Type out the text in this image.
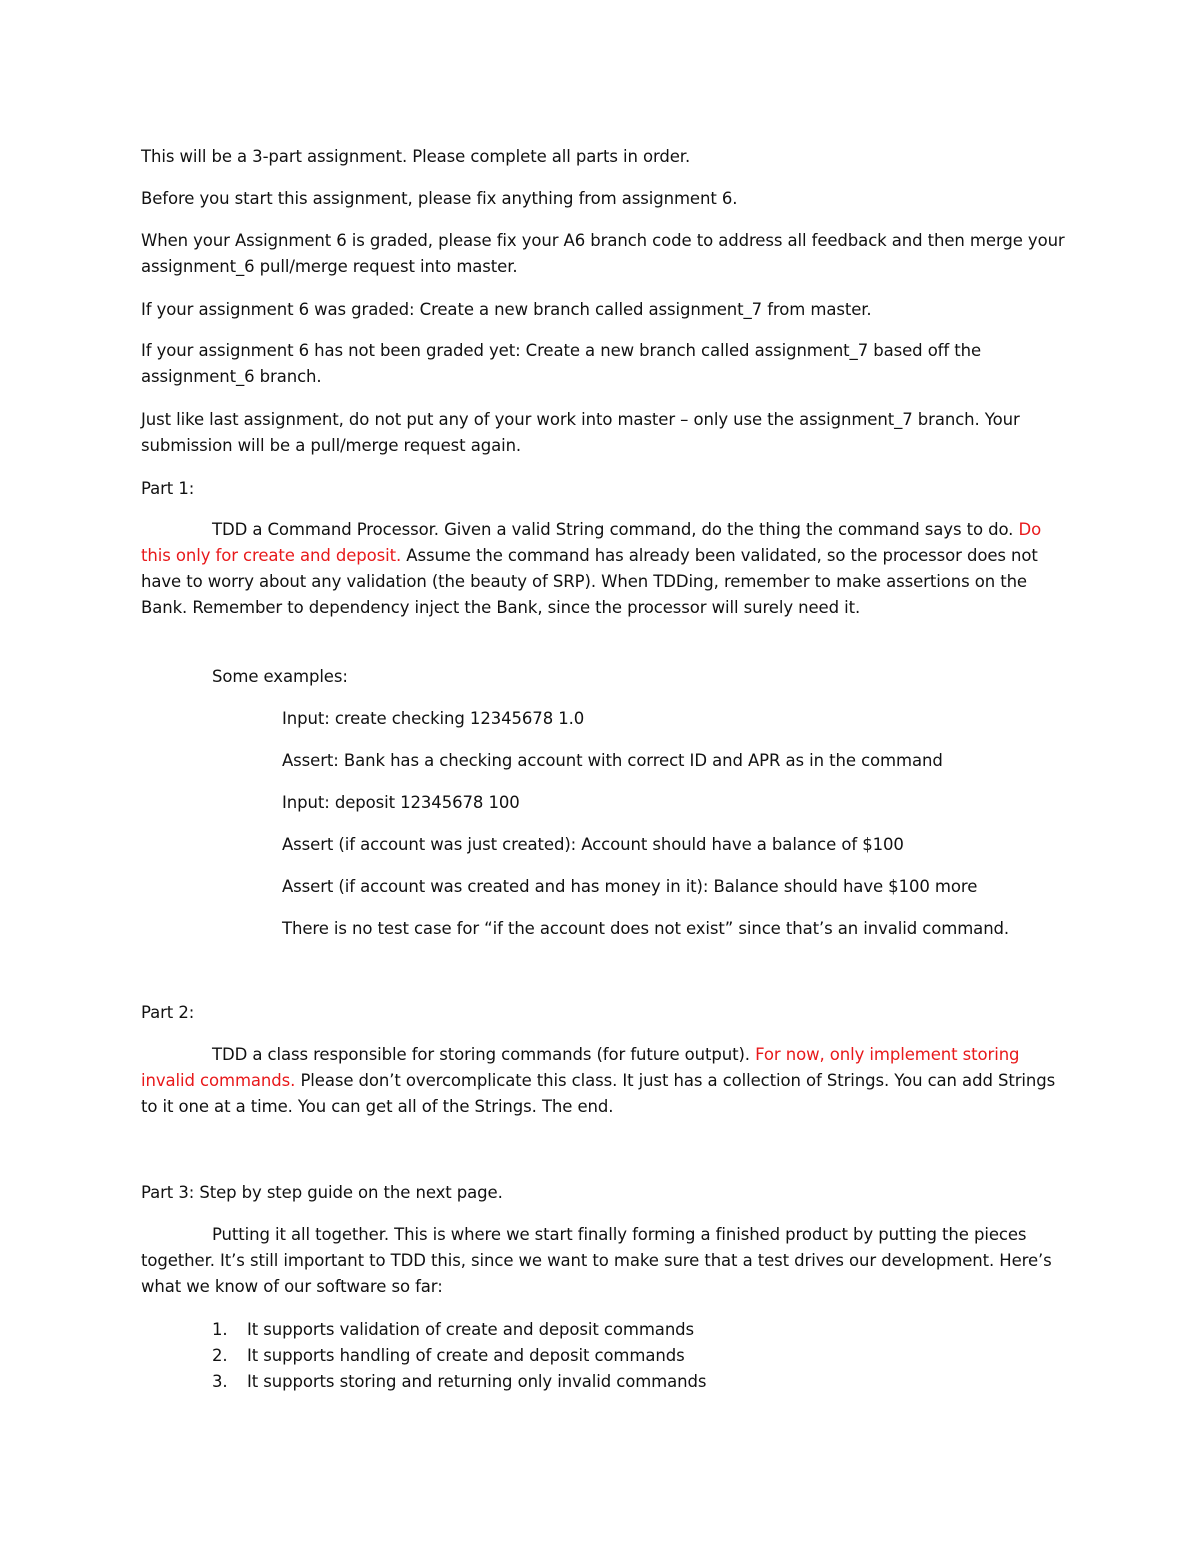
This will be a 3-part assignment. Please complete all parts in order.

Before you start this assignment, please fix anything from assignment 6.

When your Assignment 6 is graded, please fix your A6 branch code to address all feedback and then merge your assignment_6 pull/merge request into master.

If your assignment 6 was graded: Create a new branch called assignment_7 from master.

If your assignment 6 has not been graded yet: Create a new branch called assignment_7 based off the assignment_6 branch.

Just like last assignment, do not put any of your work into master – only use the assignment_7 branch. Your submission will be a pull/merge request again.

Part 1:

TDD a Command Processor. Given a valid String command, do the thing the command says to do. Do this only for create and deposit. Assume the command has already been validated, so the processor does not have to worry about any validation (the beauty of SRP). When TDDing, remember to make assertions on the Bank. Remember to dependency inject the Bank, since the processor will surely need it.

Some examples:

Input: create checking 12345678 1.0

Assert: Bank has a checking account with correct ID and APR as in the command

Input: deposit 12345678 100

Assert (if account was just created): Account should have a balance of $100

Assert (if account was created and has money in it): Balance should have $100 more

There is no test case for “if the account does not exist” since that’s an invalid command.

Part 2:

TDD a class responsible for storing commands (for future output). For now, only implement storing invalid commands. Please don’t overcomplicate this class. It just has a collection of Strings. You can add Strings to it one at a time. You can get all of the Strings. The end.

Part 3: Step by step guide on the next page.

Putting it all together. This is where we start finally forming a finished product by putting the pieces together. It’s still important to TDD this, since we want to make sure that a test drives our development. Here’s what we know of our software so far:

1. It supports validation of create and deposit commands
2. It supports handling of create and deposit commands
3. It supports storing and returning only invalid commands
